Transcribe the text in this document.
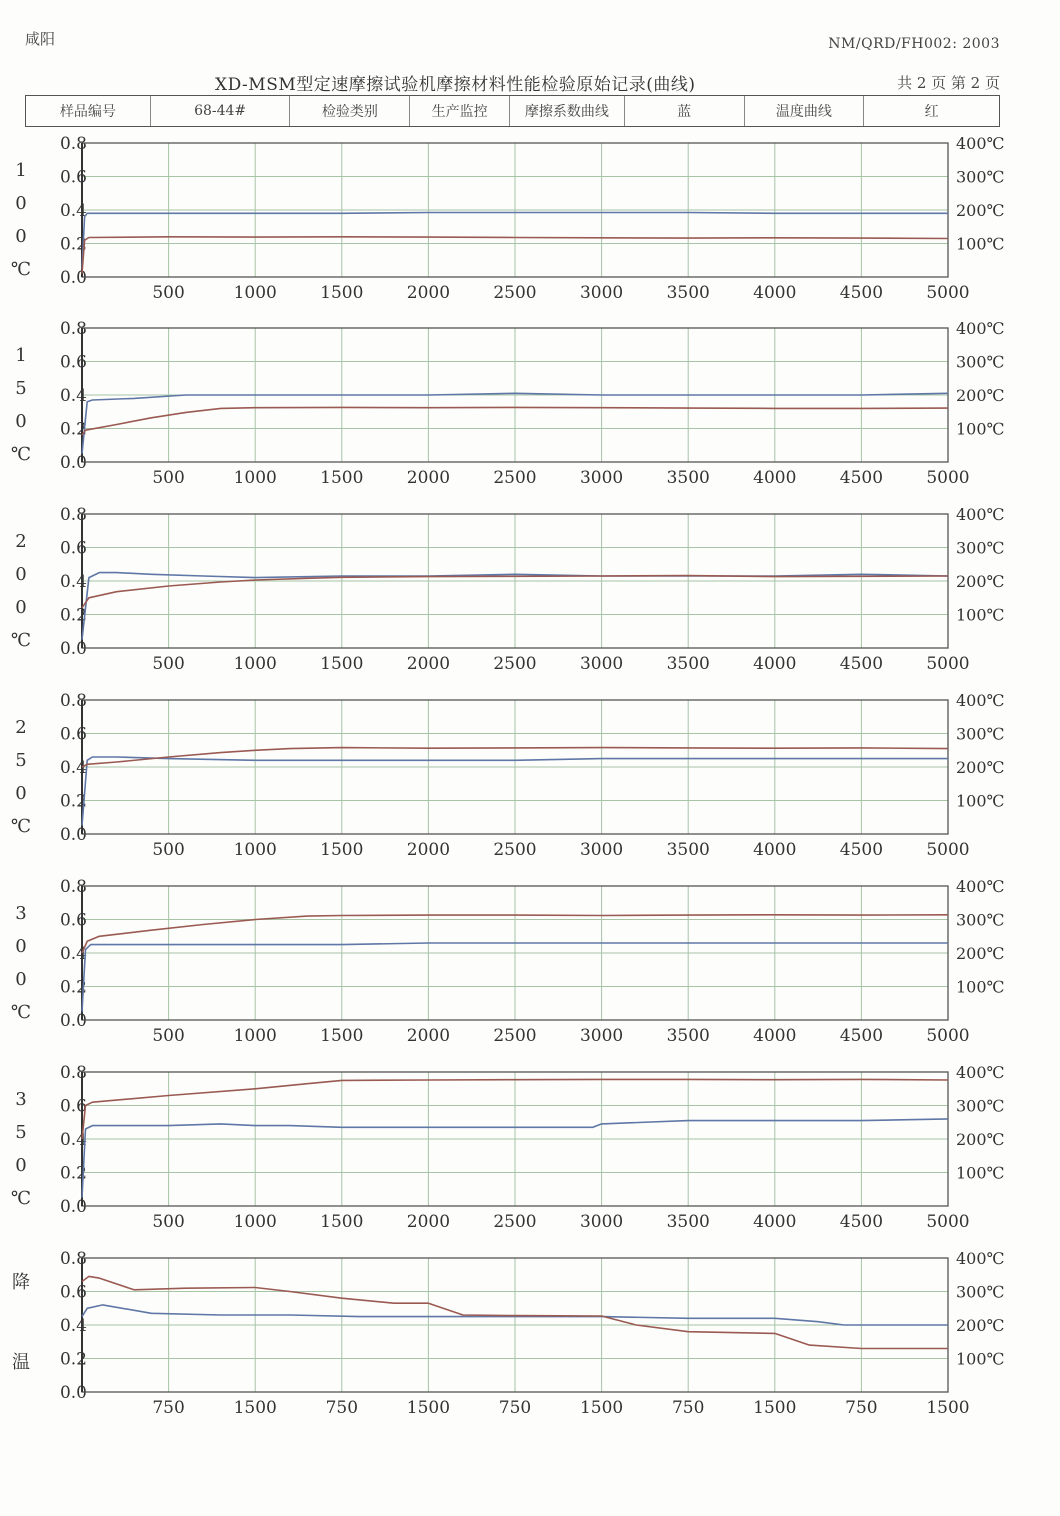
咸阳	NM/QRD/FH002: 2003
XD-MSM型定速摩擦试验机摩擦材料性能检验原始记录(曲线)	共 2 页 第 2 页
样品编号	68-44#	检验类别	生产监控	摩擦系数曲线	蓝	温度曲线	红
500	1000	1500	2000	2500	3000	3500	4000	4500	5000
0.0
0.2
0.4
0.6
0.8
100℃
200℃
300℃
400℃
1
0
0
℃
500	1000	1500	2000	2500	3000	3500	4000	4500	5000
0.0
0.2
0.4
0.6
0.8
100℃
200℃
300℃
400℃
1
5
0
℃
500	1000	1500	2000	2500	3000	3500	4000	4500	5000
0.0
0.2
0.4
0.6
0.8
100℃
200℃
300℃
400℃
2
0
0
℃
500	1000	1500	2000	2500	3000	3500	4000	4500	5000
0.0
0.2
0.4
0.6
0.8
100℃
200℃
300℃
400℃
2
5
0
℃
500	1000	1500	2000	2500	3000	3500	4000	4500	5000
0.0
0.2
0.4
0.6
0.8
100℃
200℃
300℃
400℃
3
0
0
℃
500	1000	1500	2000	2500	3000	3500	4000	4500	5000
0.0
0.2
0.4
0.6
0.8
100℃
200℃
300℃
400℃
3
5
0
℃
750	1500	750	1500	750	1500	750	1500	750	1500
0.0
0.2
0.4
0.6
0.8
100℃
200℃
300℃
400℃
降
温
